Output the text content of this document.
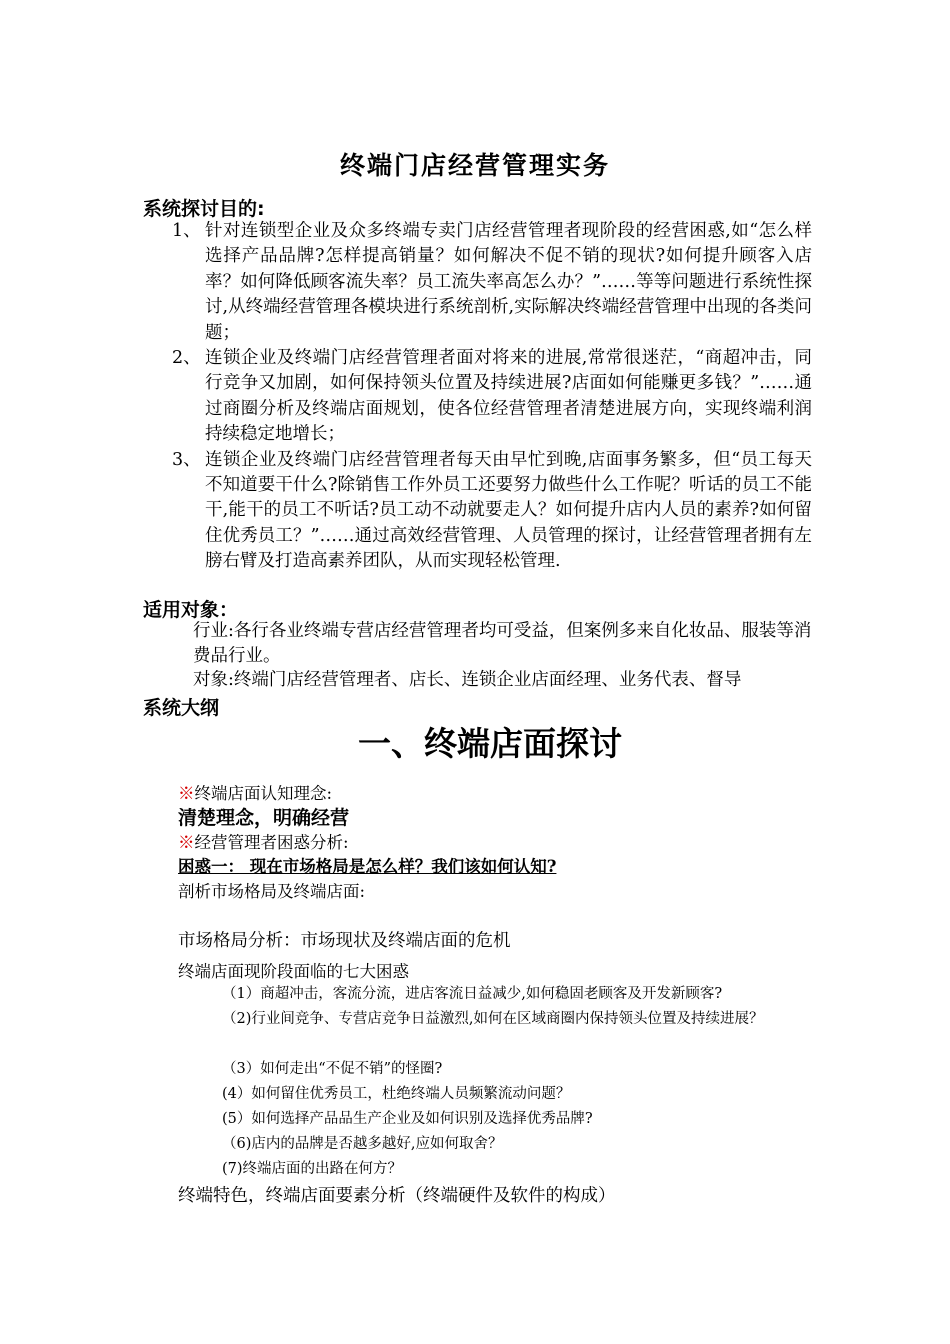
终端门店经营管理实务
系统探讨目的:
1、 针对连锁型企业及众多终端专卖门店经营管理者现阶段的经营困惑,如“怎么样选择产品品牌?怎样提高销量？如何解决不促不销的现状?如何提升顾客入店率？如何降低顾客流失率？员工流失率高怎么办？”……等等问题进行系统性探讨,从终端经营管理各模块进行系统剖析,实际解决终端经营管理中出现的各类问题；
2、 连锁企业及终端门店经营管理者面对将来的进展,常常很迷茫，“商超冲击，同行竞争又加剧，如何保持领头位置及持续进展?店面如何能赚更多钱？”……通过商圈分析及终端店面规划，使各位经营管理者清楚进展方向，实现终端利润持续稳定地增长；
3、 连锁企业及终端门店经营管理者每天由早忙到晚,店面事务繁多，但“员工每天不知道要干什么?除销售工作外员工还要努力做些什么工作呢？听话的员工不能干,能干的员工不听话?员工动不动就要走人？如何提升店内人员的素养?如何留住优秀员工？”……通过高效经营管理、人员管理的探讨，让经营管理者拥有左膀右臂及打造高素养团队，从而实现轻松管理.
适用对象：
行业:各行各业终端专营店经营管理者均可受益，但案例多来自化妆品、服装等消费品行业。
对象:终端门店经营管理者、店长、连锁企业店面经理、业务代表、督导
系统大纲
一、终端店面探讨
※终端店面认知理念:
清楚理念，明确经营
※经营管理者困惑分析:
困惑一： 现在市场格局是怎么样？我们该如何认知?
剖析市场格局及终端店面:
市场格局分析：市场现状及终端店面的危机
终端店面现阶段面临的七大困惑
（1）商超冲击，客流分流，进店客流日益减少,如何稳固老顾客及开发新顾客?
（2)行业间竞争、专营店竞争日益激烈,如何在区域商圈内保持领头位置及持续进展？
（3）如何走出“不促不销”的怪圈?
(4）如何留住优秀员工，杜绝终端人员频繁流动问题？
(5）如何选择产品品生产企业及如何识别及选择优秀品牌?
（6)店内的品牌是否越多越好,应如何取舍？
(7)终端店面的出路在何方？
终端特色，终端店面要素分析（终端硬件及软件的构成）
